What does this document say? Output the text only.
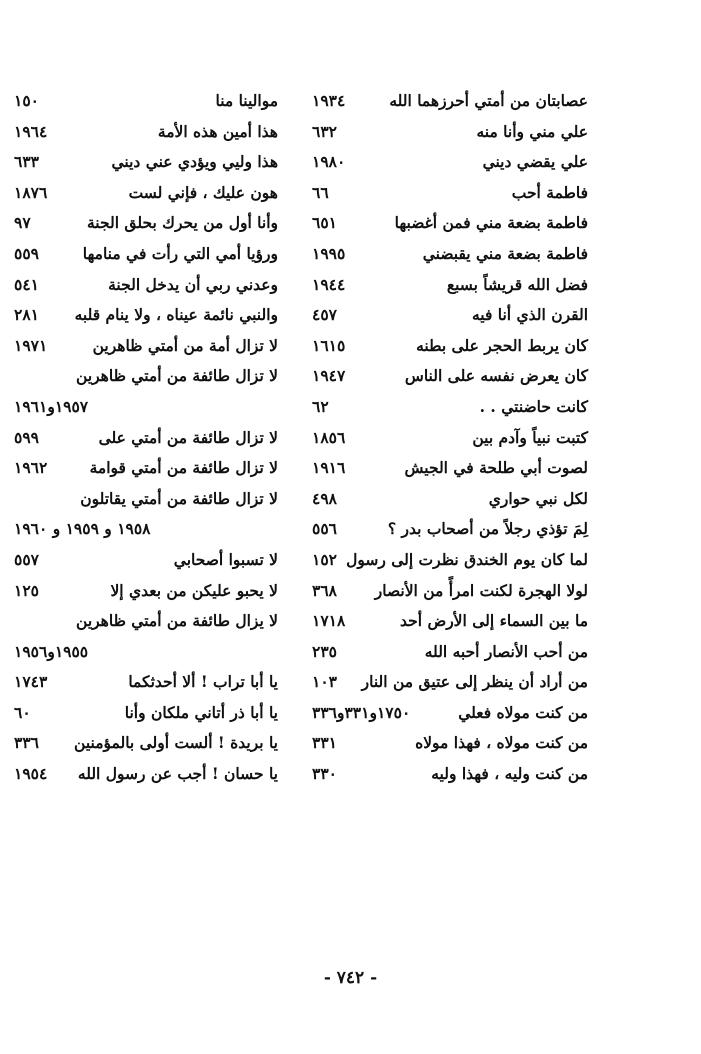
عصابتان من أمتي أحرزهما الله
١٩٣٤
علي مني وأنا منه
٦٣٢
علي يقضي ديني
١٩٨٠
فاطمة أحب
٦٦
فاطمة بضعة مني فمن أغضبها
٦٥١
فاطمة بضعة مني يقبضني
١٩٩٥
فضل الله قريشاً بسبع
١٩٤٤
القرن الذي أنا فيه
٤٥٧
كان يربط الحجر على بطنه
١٦١٥
كان يعرض نفسه على الناس
١٩٤٧
كانت حاضنتي . .
٦٢
كتبت نبياً وآدم بين
١٨٥٦
لصوت أبي طلحة في الجيش
١٩١٦
لكل نبي حواري
٤٩٨
لِمَ تؤذي رجلاً من أصحاب بدر ؟
٥٥٦
لما كان يوم الخندق نظرت إلى رسول
١٥٢
لولا الهجرة لكنت امرأً من الأنصار
٣٦٨
ما بين السماء إلى الأرض أحد
١٧١٨
من أحب الأنصار أحبه الله
٢٣٥
من أراد أن ينظر إلى عتيق من النار
١٠٣
من كنت مولاه فعلي
١٧٥٠و٣٣١و٣٣٦
من كنت مولاه ، فهذا مولاه
٣٣١
من كنت وليه ، فهذا وليه
٣٣٠
موالينا منا
١٥٠
هذا أمين هذه الأمة
١٩٦٤
هذا وليي ويؤدي عني ديني
٦٣٣
هون عليك ، فإني لست
١٨٧٦
وأنا أول من يحرك بحلق الجنة
٩٧
ورؤيا أمي التي رأت في منامها
٥٥٩
وعدني ربي أن يدخل الجنة
٥٤١
والنبي نائمة عيناه ، ولا ينام قلبه
٢٨١
لا تزال أمة من أمتي ظاهرين
١٩٧١
لا تزال طائفة من أمتي ظاهرين
١٩٥٧و١٩٦١
لا تزال طائفة من أمتي على
٥٩٩
لا تزال طائفة من أمتي قوامة
١٩٦٢
لا تزال طائفة من أمتي يقاتلون
١٩٥٨ و ١٩٥٩ و ١٩٦٠
لا تسبوا أصحابي
٥٥٧
لا يحبو عليكن من بعدي إلا
١٢٥
لا يزال طائفة من أمتي ظاهرين
١٩٥٥و١٩٥٦
يا أبا تراب ! ألا أحدثكما
١٧٤٣
يا أبا ذر أتاني ملكان وأنا
٦٠
يا بريدة ! ألست أولى بالمؤمنين
٣٣٦
يا حسان ! أجب عن رسول الله
١٩٥٤
- ٧٤٢ -
